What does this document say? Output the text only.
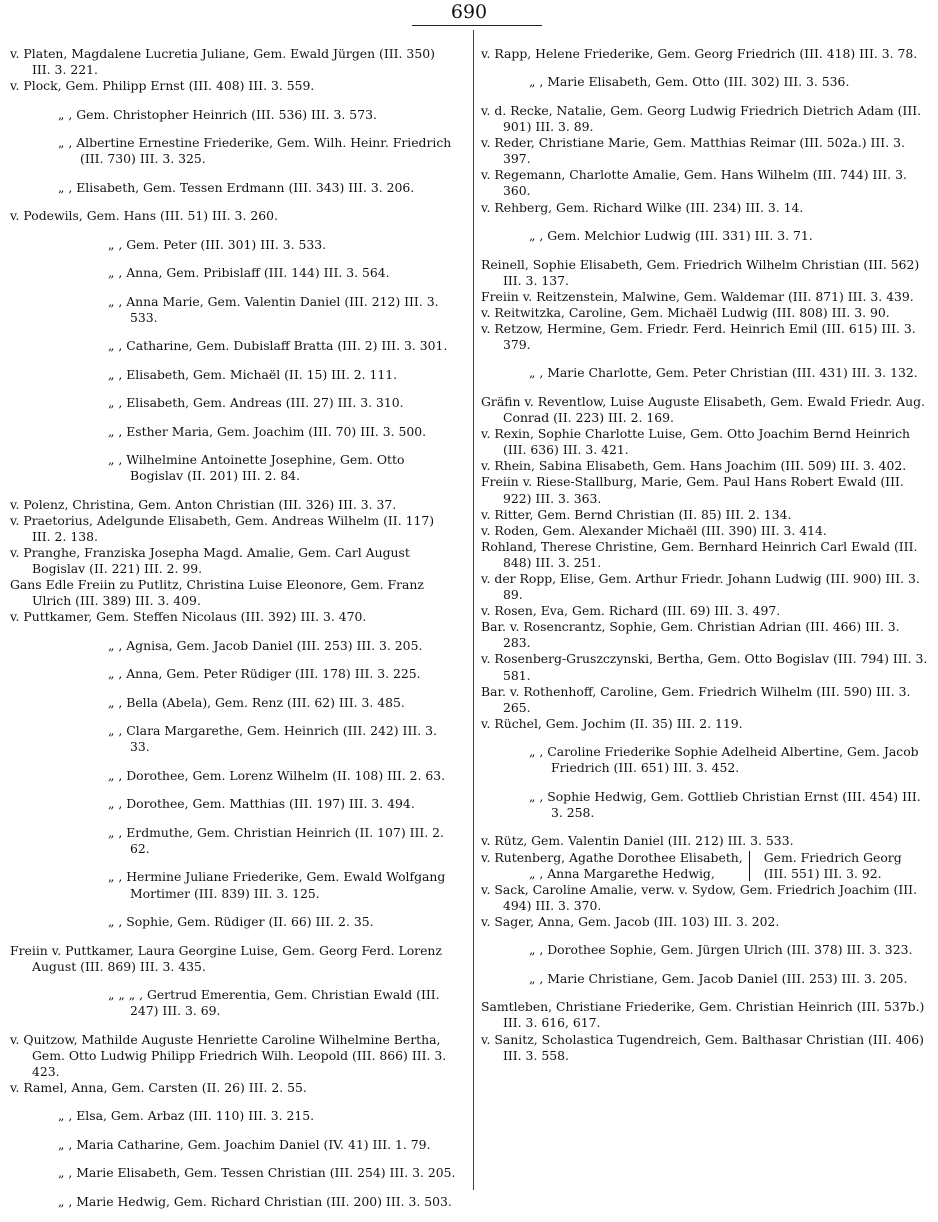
690

v. Platen, Magdalene Lucretia Juliane, Gem. Ewald Jürgen (III. 350) III. 3. 221.

v. Plock, Gem. Philipp Ernst (III. 408) III. 3. 559.

„ , Gem. Christopher Heinrich (III. 536) III. 3. 573.

„ , Albertine Ernestine Friederike, Gem. Wilh. Heinr. Friedrich (III. 730) III. 3. 325.

„ , Elisabeth, Gem. Tessen Erdmann (III. 343) III. 3. 206.

v. Podewils, Gem. Hans (III. 51) III. 3. 260.

„ , Gem. Peter (III. 301) III. 3. 533.

„ , Anna, Gem. Pribislaff (III. 144) III. 3. 564.

„ , Anna Marie, Gem. Valentin Daniel (III. 212) III. 3. 533.

„ , Catharine, Gem. Dubislaff Bratta (III. 2) III. 3. 301.

„ , Elisabeth, Gem. Michaël (II. 15) III. 2. 111.

„ , Elisabeth, Gem. Andreas (III. 27) III. 3. 310.

„ , Esther Maria, Gem. Joachim (III. 70) III. 3. 500.

„ , Wilhelmine Antoinette Josephine, Gem. Otto Bogislav (II. 201) III. 2. 84.

v. Polenz, Christina, Gem. Anton Christian (III. 326) III. 3. 37.

v. Praetorius, Adelgunde Elisabeth, Gem. Andreas Wilhelm (II. 117) III. 2. 138.

v. Pranghe, Franziska Josepha Magd. Amalie, Gem. Carl August Bogislav (II. 221) III. 2. 99.

Gans Edle Freiin zu Putlitz, Christina Luise Eleonore, Gem. Franz Ulrich (III. 389) III. 3. 409.

v. Puttkamer, Gem. Steffen Nicolaus (III. 392) III. 3. 470.

„ , Agnisa, Gem. Jacob Daniel (III. 253) III. 3. 205.

„ , Anna, Gem. Peter Rüdiger (III. 178) III. 3. 225.

„ , Bella (Abela), Gem. Renz (III. 62) III. 3. 485.

„ , Clara Margarethe, Gem. Heinrich (III. 242) III. 3. 33.

„ , Dorothee, Gem. Lorenz Wilhelm (II. 108) III. 2. 63.

„ , Dorothee, Gem. Matthias (III. 197) III. 3. 494.

„ , Erdmuthe, Gem. Christian Heinrich (II. 107) III. 2. 62.

„ , Hermine Juliane Friederike, Gem. Ewald Wolfgang Mortimer (III. 839) III. 3. 125.

„ , Sophie, Gem. Rüdiger (II. 66) III. 2. 35.

Freiin v. Puttkamer, Laura Georgine Luise, Gem. Georg Ferd. Lorenz August (III. 869) III. 3. 435.

„ „ „ , Gertrud Emerentia, Gem. Christian Ewald (III. 247) III. 3. 69.

v. Quitzow, Mathilde Auguste Henriette Caroline Wilhelmine Bertha, Gem. Otto Ludwig Philipp Friedrich Wilh. Leopold (III. 866) III. 3. 423.

v. Ramel, Anna, Gem. Carsten (II. 26) III. 2. 55.

„ , Elsa, Gem. Arbaz (III. 110) III. 3. 215.

„ , Maria Catharine, Gem. Joachim Daniel (IV. 41) III. 1. 79.

„ , Marie Elisabeth, Gem. Tessen Christian (III. 254) III. 3. 205.

„ , Marie Hedwig, Gem. Richard Christian (III. 200) III. 3. 503.

v. Rapp, Helene Friederike, Gem. Georg Friedrich (III. 418) III. 3. 78.

„ , Marie Elisabeth, Gem. Otto (III. 302) III. 3. 536.

v. d. Recke, Natalie, Gem. Georg Ludwig Friedrich Dietrich Adam (III. 901) III. 3. 89.

v. Reder, Christiane Marie, Gem. Matthias Reimar (III. 502a.) III. 3. 397.

v. Regemann, Charlotte Amalie, Gem. Hans Wilhelm (III. 744) III. 3. 360.

v. Rehberg, Gem. Richard Wilke (III. 234) III. 3. 14.

„ , Gem. Melchior Ludwig (III. 331) III. 3. 71.

Reinell, Sophie Elisabeth, Gem. Friedrich Wilhelm Christian (III. 562) III. 3. 137.

Freiin v. Reitzenstein, Malwine, Gem. Waldemar (III. 871) III. 3. 439.

v. Reitwitzka, Caroline, Gem. Michaël Ludwig (III. 808) III. 3. 90.

v. Retzow, Hermine, Gem. Friedr. Ferd. Heinrich Emil (III. 615) III. 3. 379.

„ , Marie Charlotte, Gem. Peter Christian (III. 431) III. 3. 132.

Gräfin v. Reventlow, Luise Auguste Elisabeth, Gem. Ewald Friedr. Aug. Conrad (II. 223) III. 2. 169.

v. Rexin, Sophie Charlotte Luise, Gem. Otto Joachim Bernd Heinrich (III. 636) III. 3. 421.

v. Rhein, Sabina Elisabeth, Gem. Hans Joachim (III. 509) III. 3. 402.

Freiin v. Riese-Stallburg, Marie, Gem. Paul Hans Robert Ewald (III. 922) III. 3. 363.

v. Ritter, Gem. Bernd Christian (II. 85) III. 2. 134.

v. Roden, Gem. Alexander Michaël (III. 390) III. 3. 414.

Rohland, Therese Christine, Gem. Bernhard Heinrich Carl Ewald (III. 848) III. 3. 251.

v. der Ropp, Elise, Gem. Arthur Friedr. Johann Ludwig (III. 900) III. 3. 89.

v. Rosen, Eva, Gem. Richard (III. 69) III. 3. 497.

Bar. v. Rosencrantz, Sophie, Gem. Christian Adrian (III. 466) III. 3. 283.

v. Rosenberg-Gruszczynski, Bertha, Gem. Otto Bogislav (III. 794) III. 3. 581.

Bar. v. Rothenhoff, Caroline, Gem. Friedrich Wilhelm (III. 590) III. 3. 265.

v. Rüchel, Gem. Jochim (II. 35) III. 2. 119.

„ , Caroline Friederike Sophie Adelheid Albertine, Gem. Jacob Friedrich (III. 651) III. 3. 452.

„ , Sophie Hedwig, Gem. Gottlieb Christian Ernst (III. 454) III. 3. 258.

v. Rütz, Gem. Valentin Daniel (III. 212) III. 3. 533.

v. Rutenberg, Agathe Dorothee Elisabeth,
„ , Anna Margarethe Hedwig,
Gem. Friedrich Georg (III. 551) III. 3. 92.

v. Sack, Caroline Amalie, verw. v. Sydow, Gem. Friedrich Joachim (III. 494) III. 3. 370.

v. Sager, Anna, Gem. Jacob (III. 103) III. 3. 202.

„ , Dorothee Sophie, Gem. Jürgen Ulrich (III. 378) III. 3. 323.

„ , Marie Christiane, Gem. Jacob Daniel (III. 253) III. 3. 205.

Samtleben, Christiane Friederike, Gem. Christian Heinrich (III. 537b.) III. 3. 616, 617.

v. Sanitz, Scholastica Tugendreich, Gem. Balthasar Christian (III. 406) III. 3. 558.
